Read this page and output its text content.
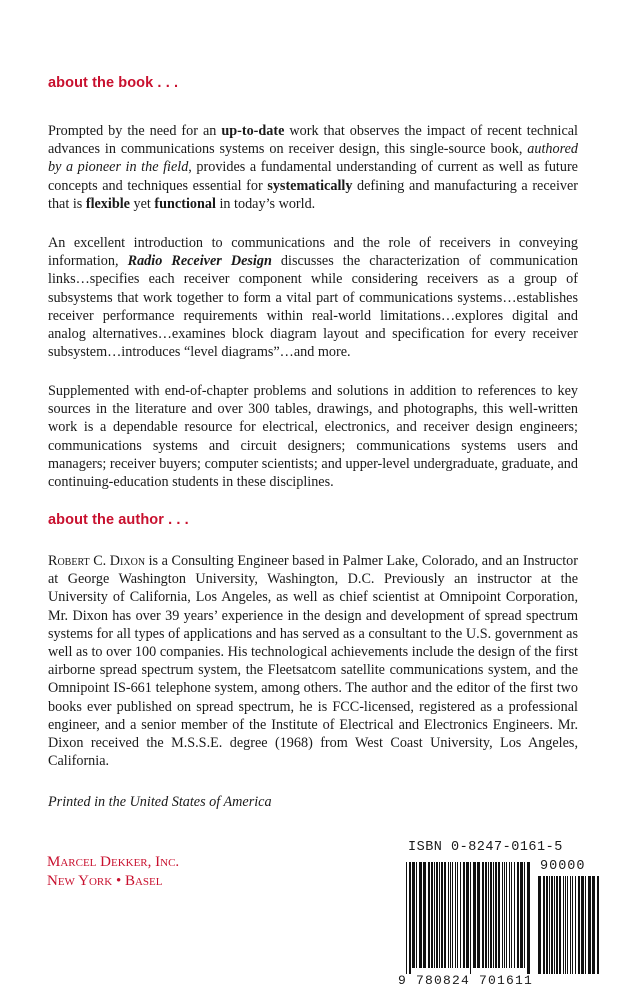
about the book . . .

Prompted by the need for an up-to-date work that observes the impact of recent technical advances in communications systems on receiver design, this single-source book, authored by a pioneer in the field, provides a fundamental understanding of current as well as future concepts and techniques essential for systematically defining and manufacturing a receiver that is flexible yet functional in today’s world.

An excellent introduction to communications and the role of receivers in conveying information, Radio Receiver Design discusses the characterization of communication links…specifies each receiver component while considering receivers as a group of subsystems that work together to form a vital part of communications systems…establishes receiver performance requirements within real-world limitations…explores digital and analog alternatives…examines block diagram layout and specification for every receiver subsystem…introduces “level diagrams”…and more.

Supplemented with end-of-chapter problems and solutions in addition to references to key sources in the literature and over 300 tables, drawings, and photographs, this well-written work is a dependable resource for electrical, electronics, and receiver design engineers; communications systems and circuit designers; communications systems users and managers; receiver buyers; computer scientists; and upper-level undergraduate, graduate, and continuing-education students in these disciplines.

about the author . . .

Robert C. Dixon is a Consulting Engineer based in Palmer Lake, Colorado, and an Instructor at George Washington University, Washington, D.C. Previously an instructor at the University of California, Los Angeles, as well as chief scientist at Omnipoint Corporation, Mr. Dixon has over 39 years’ experience in the design and development of spread spectrum systems for all types of applications and has served as a consultant to the U.S. government as well as to over 100 companies. His technological achievements include the design of the first airborne spread spectrum system, the Fleetsatcom satellite communications system, and the Omnipoint IS-661 telephone system, among others. The author and the editor of the first two books ever published on spread spectrum, he is FCC-licensed, registered as a professional engineer, and a senior member of the Institute of Electrical and Electronics Engineers. Mr. Dixon received the M.S.S.E. degree (1968) from West Coast University, Los Angeles, California.

Printed in the United States of America

Marcel Dekker, Inc.
New York • Basel
ISBN 0-8247-0161-5
90000
9 780824 701611
